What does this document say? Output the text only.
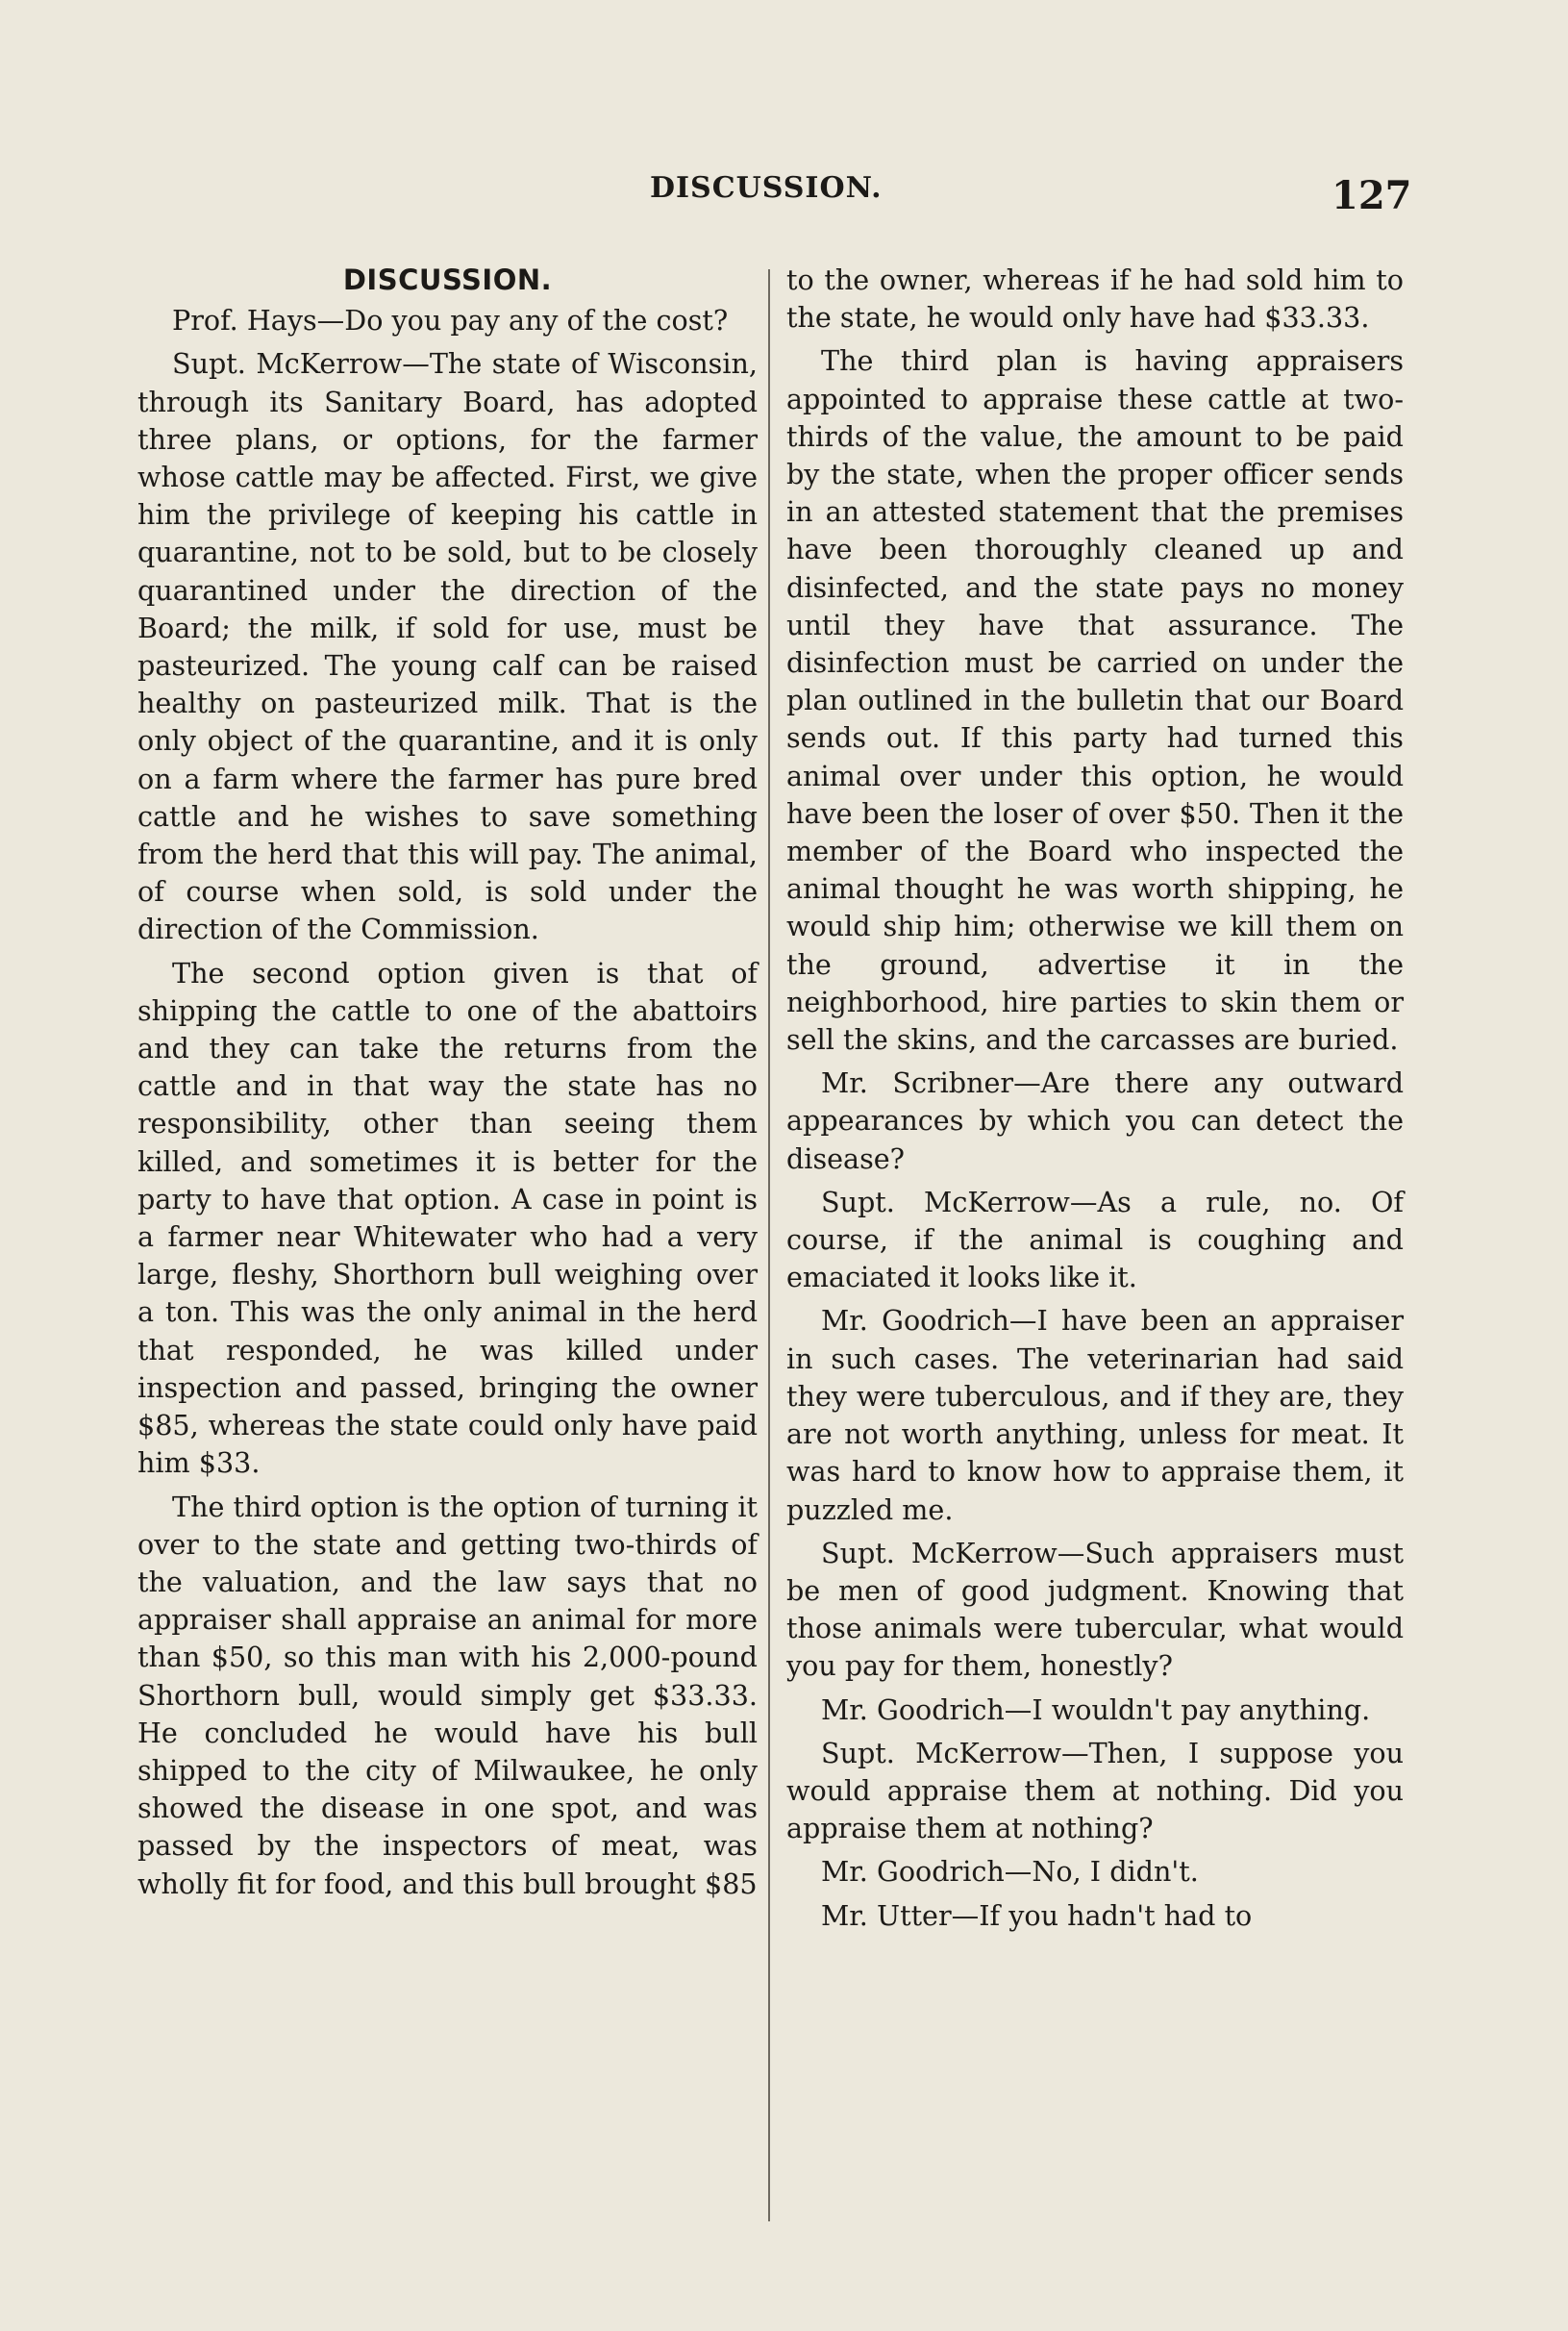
DISCUSSION.	127
DISCUSSION.

Prof. Hays—Do you pay any of the cost?

Supt. McKerrow—The state of Wisconsin, through its Sanitary Board, has adopted three plans, or options, for the farmer whose cattle may be affected. First, we give him the privilege of keeping his cattle in quarantine, not to be sold, but to be closely quarantined under the direction of the Board; the milk, if sold for use, must be pasteurized. The young calf can be raised healthy on pasteurized milk. That is the only object of the quarantine, and it is only on a farm where the farmer has pure bred cattle and he wishes to save something from the herd that this will pay. The animal, of course when sold, is sold under the direction of the Commission.

The second option given is that of shipping the cattle to one of the abattoirs and they can take the returns from the cattle and in that way the state has no responsibility, other than seeing them killed, and sometimes it is better for the party to have that option. A case in point is a farmer near Whitewater who had a very large, fleshy, Shorthorn bull weighing over a ton. This was the only animal in the herd that responded, he was killed under inspection and passed, bringing the owner $85, whereas the state could only have paid him $33.

The third option is the option of turning it over to the state and getting two-thirds of the valuation, and the law says that no appraiser shall appraise an animal for more than $50, so this man with his 2,000-pound Shorthorn bull, would simply get $33.33. He concluded he would have his bull shipped to the city of Milwaukee, he only showed the disease in one spot, and was passed by the inspectors of meat, was wholly fit for food, and this bull brought $85

to the owner, whereas if he had sold him to the state, he would only have had $33.33.

The third plan is having appraisers appointed to appraise these cattle at two-thirds of the value, the amount to be paid by the state, when the proper officer sends in an attested statement that the premises have been thoroughly cleaned up and disinfected, and the state pays no money until they have that assurance. The disinfection must be carried on under the plan outlined in the bulletin that our Board sends out. If this party had turned this animal over under this option, he would have been the loser of over $50. Then it the member of the Board who inspected the animal thought he was worth shipping, he would ship him; otherwise we kill them on the ground, advertise it in the neighborhood, hire parties to skin them or sell the skins, and the carcasses are buried.

Mr. Scribner—Are there any outward appearances by which you can detect the disease?

Supt. McKerrow—As a rule, no. Of course, if the animal is coughing and emaciated it looks like it.

Mr. Goodrich—I have been an appraiser in such cases. The veterinarian had said they were tuberculous, and if they are, they are not worth anything, unless for meat. It was hard to know how to appraise them, it puzzled me.

Supt. McKerrow—Such appraisers must be men of good judgment. Knowing that those animals were tubercular, what would you pay for them, honestly?

Mr. Goodrich—I wouldn't pay anything.

Supt. McKerrow—Then, I suppose you would appraise them at nothing. Did you appraise them at nothing?

Mr. Goodrich—No, I didn't.

Mr. Utter—If you hadn't had to
